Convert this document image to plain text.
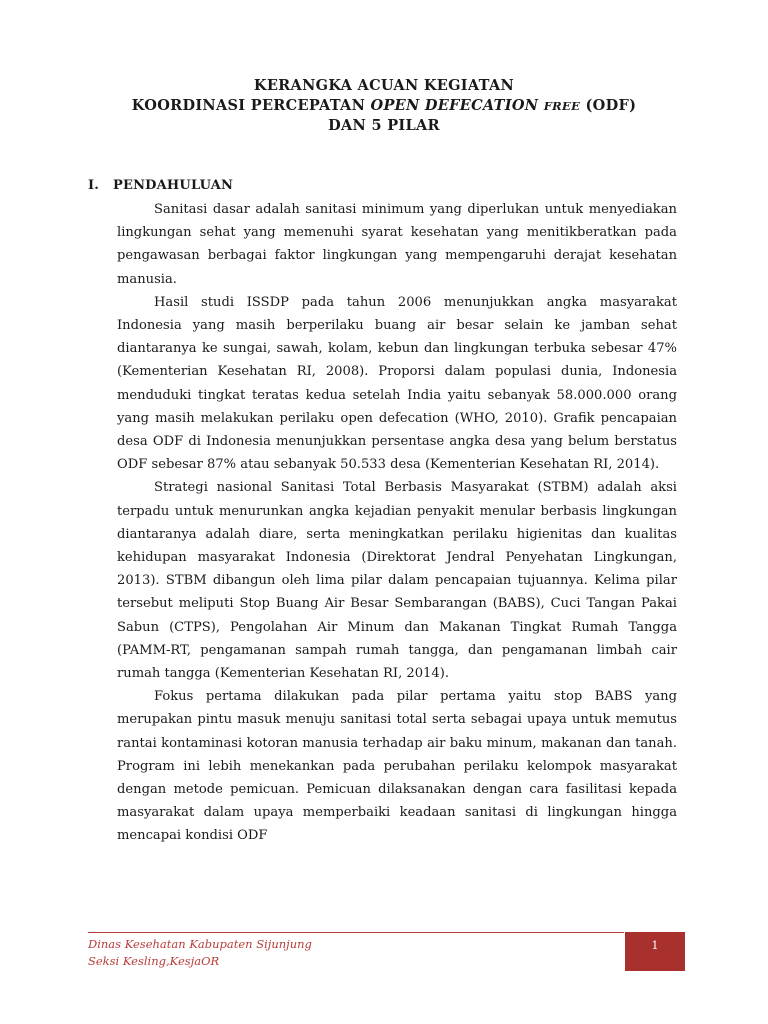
KERANGKA ACUAN KEGIATAN
KOORDINASI PERCEPATAN OPEN DEFECATION FREE (ODF)
DAN 5 PILAR
I. PENDAHULUAN

Sanitasi dasar adalah sanitasi minimum yang diperlukan untuk menyediakan lingkungan sehat yang memenuhi syarat kesehatan yang menitikberatkan pada pengawasan berbagai faktor lingkungan yang mempengaruhi derajat kesehatan manusia.

Hasil studi ISSDP pada tahun 2006 menunjukkan angka masyarakat Indonesia yang masih berperilaku buang air besar selain ke jamban sehat diantaranya ke sungai, sawah, kolam, kebun dan lingkungan terbuka sebesar 47% (Kementerian Kesehatan RI, 2008). Proporsi dalam populasi dunia, Indonesia menduduki tingkat teratas kedua setelah India yaitu sebanyak 58.000.000 orang yang masih melakukan perilaku open defecation (WHO, 2010). Grafik pencapaian desa ODF di Indonesia menunjukkan persentase angka desa yang belum berstatus ODF sebesar 87% atau sebanyak 50.533 desa (Kementerian Kesehatan RI, 2014).

Strategi nasional Sanitasi Total Berbasis Masyarakat (STBM) adalah aksi terpadu untuk menurunkan angka kejadian penyakit menular berbasis lingkungan diantaranya adalah diare, serta meningkatkan perilaku higienitas dan kualitas kehidupan masyarakat Indonesia (Direktorat Jendral Penyehatan Lingkungan, 2013). STBM dibangun oleh lima pilar dalam pencapaian tujuannya. Kelima pilar tersebut meliputi Stop Buang Air Besar Sembarangan (BABS), Cuci Tangan Pakai Sabun (CTPS), Pengolahan Air Minum dan Makanan Tingkat Rumah Tangga (PAMM-RT, pengamanan sampah rumah tangga, dan pengamanan limbah cair rumah tangga (Kementerian Kesehatan RI, 2014).

Fokus pertama dilakukan pada pilar pertama yaitu stop BABS yang merupakan pintu masuk menuju sanitasi total serta sebagai upaya untuk memutus rantai kontaminasi kotoran manusia terhadap air baku minum, makanan dan tanah. Program ini lebih menekankan pada perubahan perilaku kelompok masyarakat dengan metode pemicuan. Pemicuan dilaksanakan dengan cara fasilitasi kepada masyarakat dalam upaya memperbaiki keadaan sanitasi di lingkungan hingga mencapai kondisi ODF

Dinas Kesehatan Kabupaten Sijunjung
Seksi Kesling,KesjaOR
1
